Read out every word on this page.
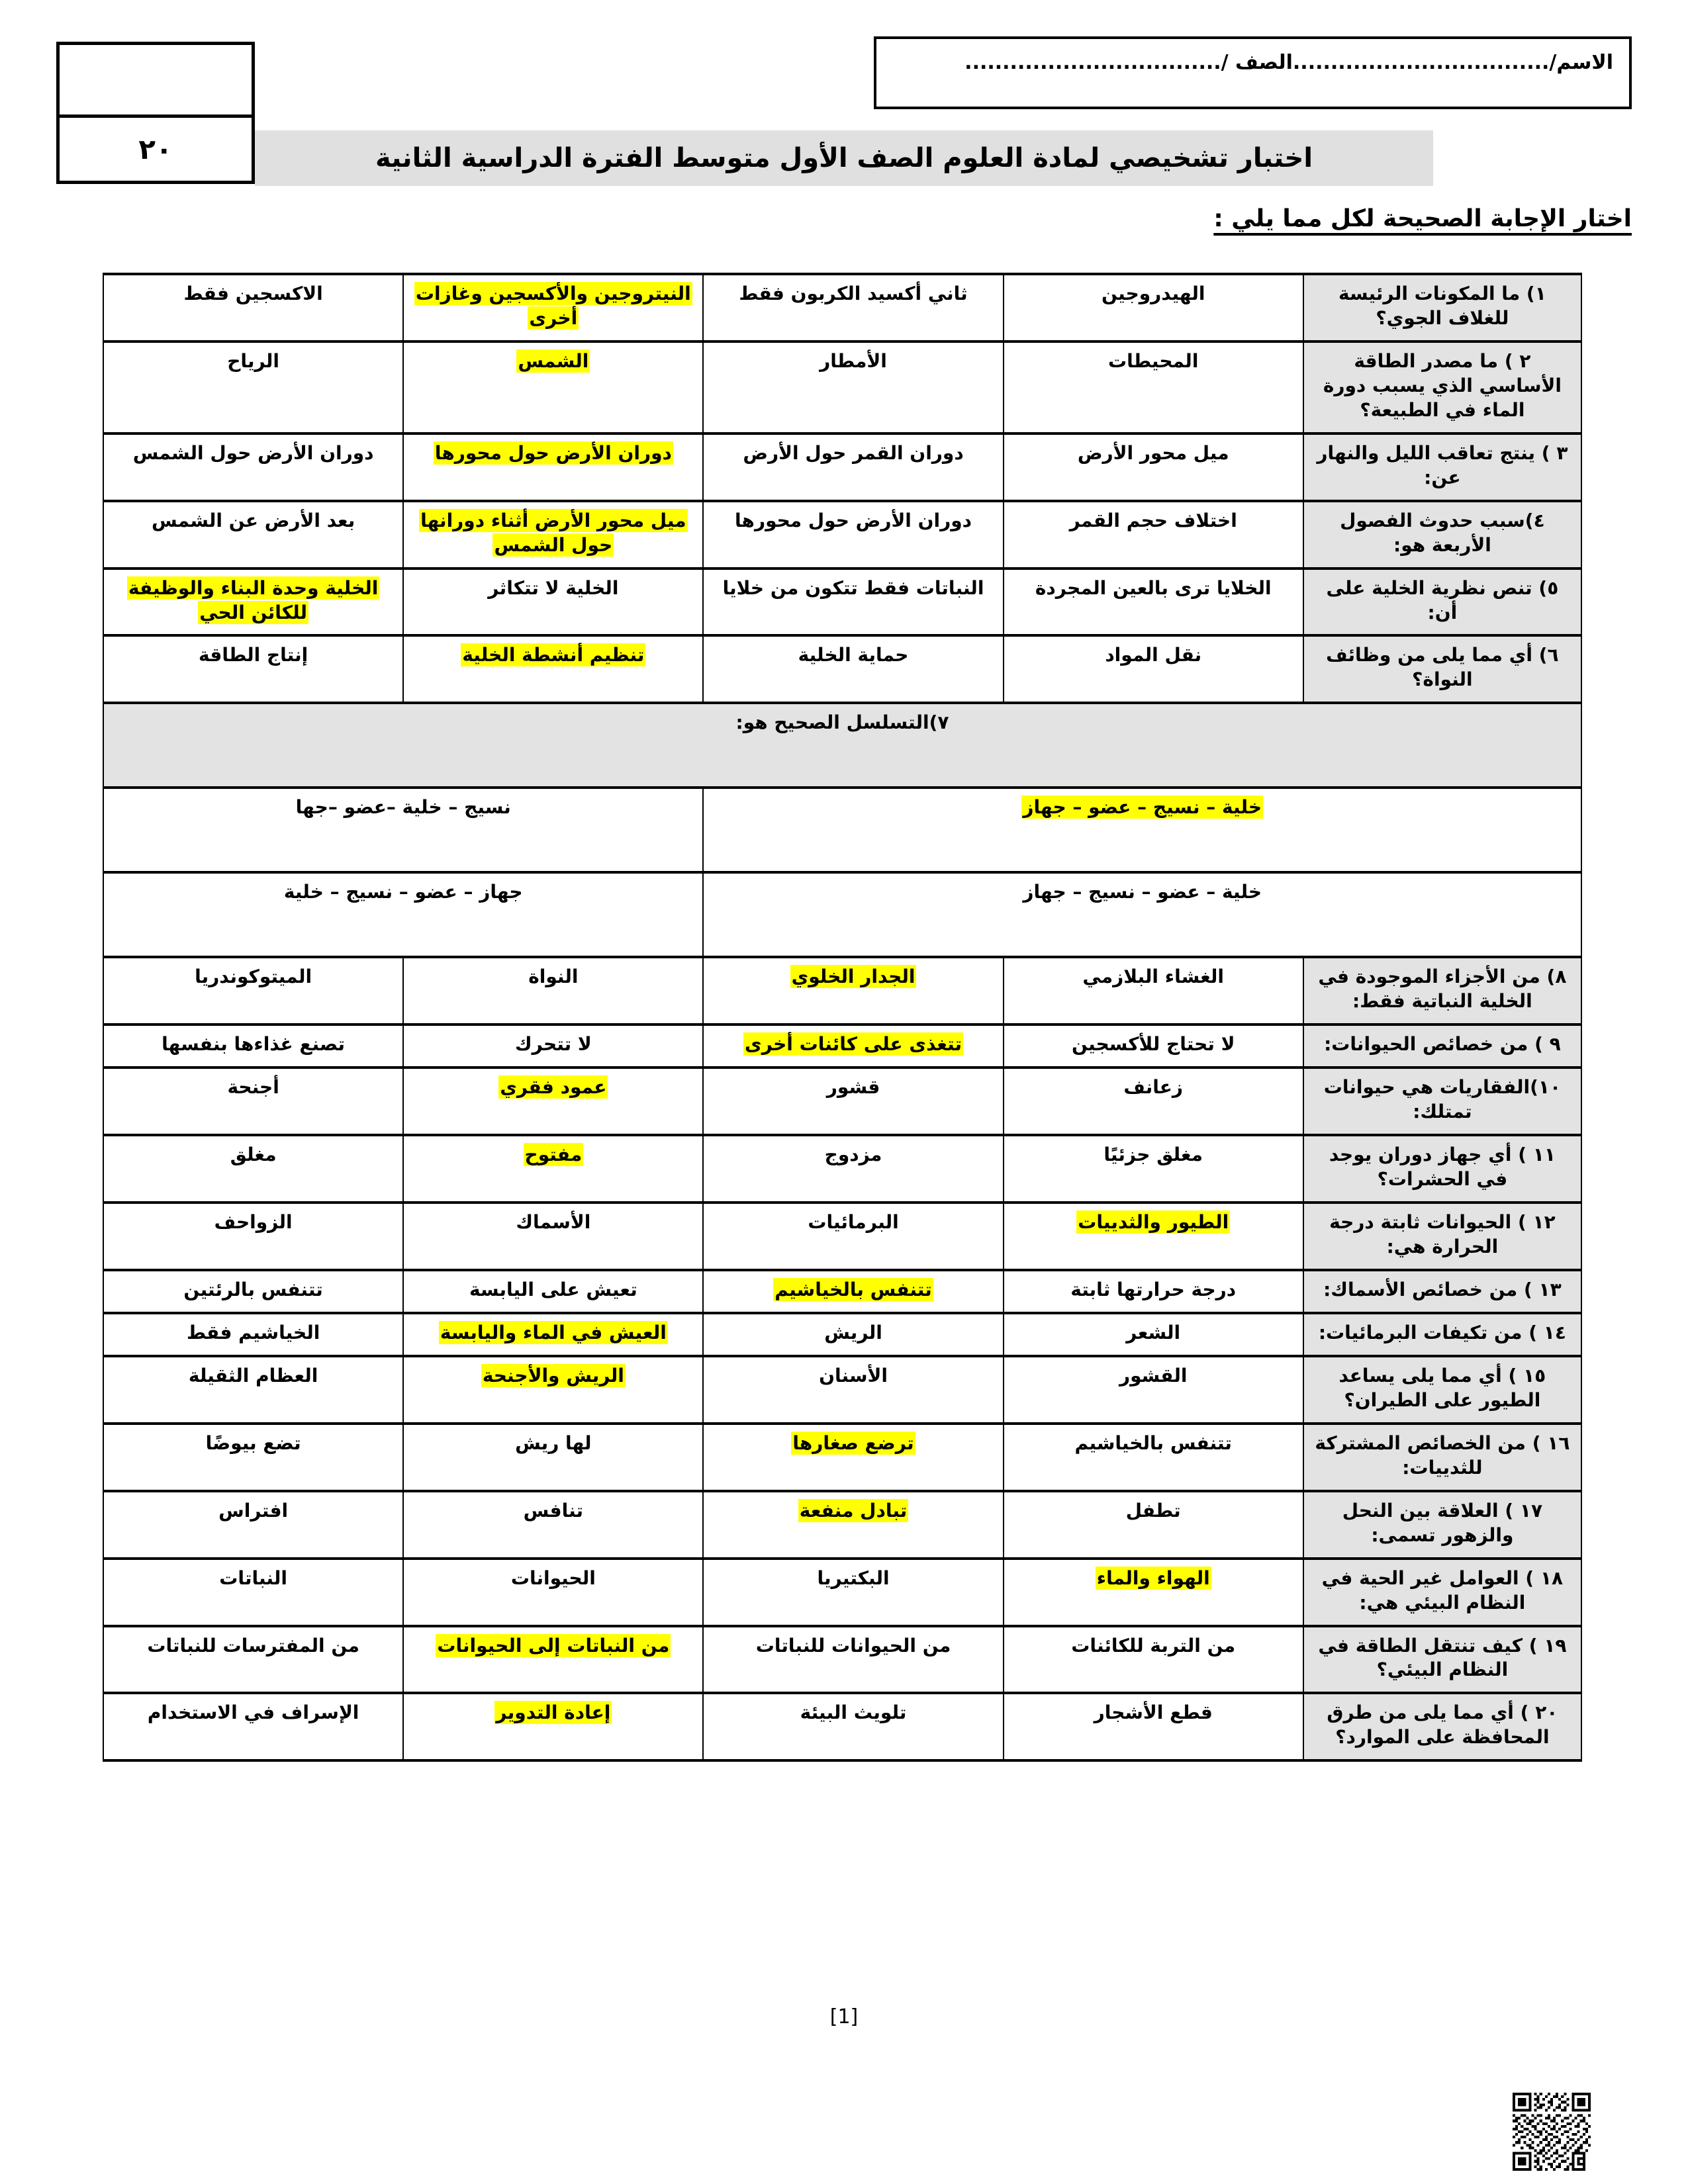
٢٠
الاسم/..................................الصف /..................................
اختبار تشخيصي لمادة العلوم الصف الأول متوسط الفترة الدراسية الثانية
اختار الإجابة الصحيحة لكل مما يلي :
١) ما المكونات الرئيسة للغلاف الجوي؟	الهيدروجين	ثاني أكسيد الكربون فقط	النيتروجين والأكسجين وغازات أخرى	الاكسجين فقط
٢ ) ما مصدر الطاقة الأساسي الذي يسبب دورة الماء في الطبيعة؟	المحيطات	الأمطار	الشمس	الرياح
٣ ) ينتج تعاقب الليل والنهار عن:	ميل محور الأرض	دوران القمر حول الأرض	دوران الأرض حول محورها	دوران الأرض حول الشمس
٤)سبب حدوث الفصول الأربعة هو:	اختلاف حجم القمر	دوران الأرض حول محورها	ميل محور الأرض أثناء دورانها حول الشمس	بعد الأرض عن الشمس
٥) تنص نظرية الخلية على أن:	الخلايا ترى بالعين المجردة	النباتات فقط تتكون من خلايا	الخلية لا تتكاثر	الخلية وحدة البناء والوظيفة للكائن الحي
٦) أي مما يلى من وظائف النواة؟	نقل المواد	حماية الخلية	تنظيم أنشطة الخلية	إنتاج الطاقة
٧)التسلسل الصحيح هو:				
خلية – نسيج – عضو – جهاز			نسيج – خلية –عضو –جها	
خلية – عضو – نسيج – جهاز			جهاز – عضو – نسيج – خلية	
٨) من الأجزاء الموجودة في الخلية النباتية فقط:	الغشاء البلازمي	الجدار الخلوي	النواة	الميتوكوندريا
٩ ) من خصائص الحيوانات:	لا تحتاج للأكسجين	تتغذى على كائنات أخرى	لا تتحرك	تصنع غذاءها بنفسها
١٠)الفقاريات هي حيوانات تمتلك:	زعانف	قشور	عمود فقري	أجنحة
١١ ) أي جهاز دوران يوجد في الحشرات؟	مغلق جزئيًا	مزدوج	مفتوح	مغلق
١٢ ) الحيوانات ثابتة درجة الحرارة هي:	الطيور والثدييات	البرمائيات	الأسماك	الزواحف
١٣ ) من خصائص الأسماك:	درجة حرارتها ثابتة	تتنفس بالخياشيم	تعيش على اليابسة	تتنفس بالرئتين
١٤ ) من تكيفات البرمائيات:	الشعر	الريش	العيش في الماء واليابسة	الخياشيم فقط
١٥ ) أي مما يلى يساعد الطيور على الطيران؟	القشور	الأسنان	الريش والأجنحة	العظام الثقيلة
١٦ ) من الخصائص المشتركة للثدييات:	تتنفس بالخياشيم	ترضع صغارها	لها ريش	تضع بيوضًا
١٧ ) العلاقة بين النحل والزهور تسمى:	تطفل	تبادل منفعة	تنافس	افتراس
١٨ ) العوامل غير الحية في النظام البيئي هي:	الهواء والماء	البكتيريا	الحيوانات	النباتات
١٩ ) كيف تنتقل الطاقة في النظام البيئي؟	من التربة للكائنات	من الحيوانات للنباتات	من النباتات إلى الحيوانات	من المفترسات للنباتات
٢٠ ) أي مما يلى من طرق المحافظة على الموارد؟	قطع الأشجار	تلويث البيئة	إعادة التدوير	الإسراف في الاستخدام
[1]
